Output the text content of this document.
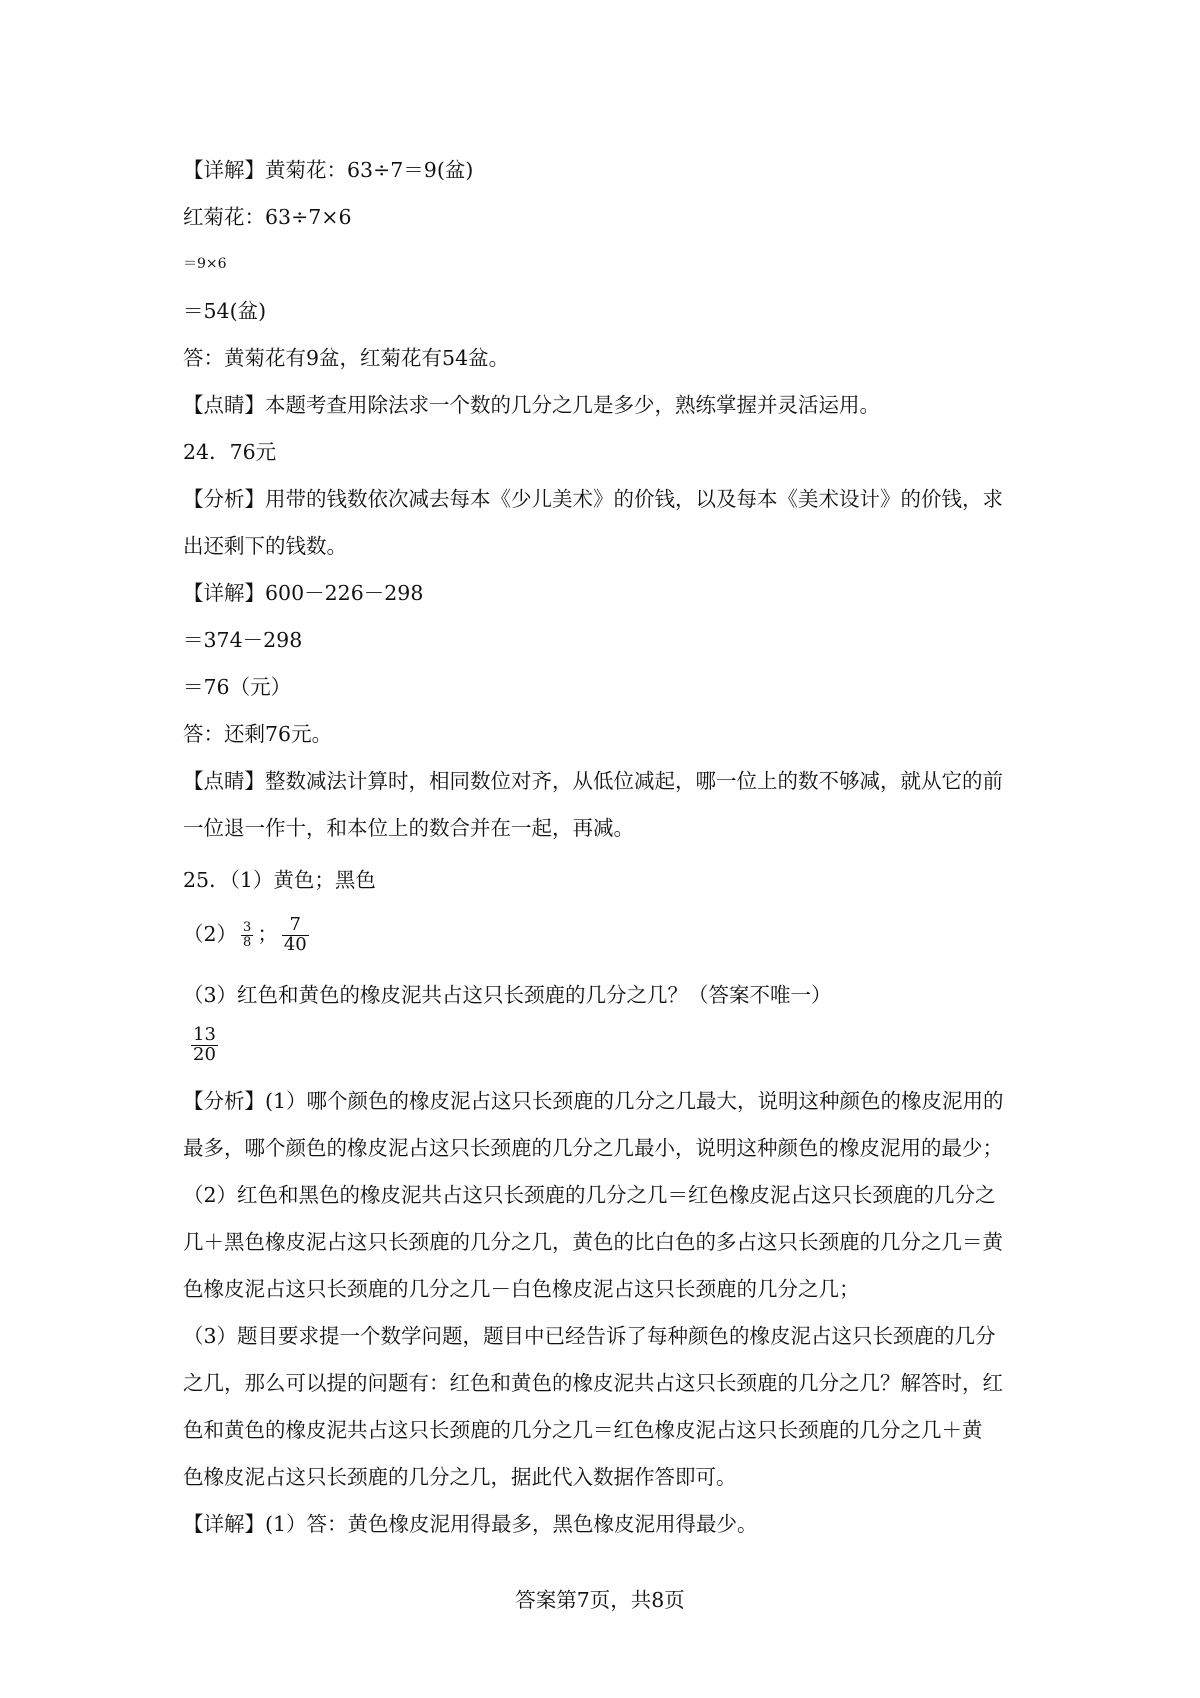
【详解】黄菊花：63÷7＝9(盆)
红菊花：63÷7×6
＝9×6
＝54(盆)
答：黄菊花有9盆，红菊花有54盆。
【点睛】本题考查用除法求一个数的几分之几是多少，熟练掌握并灵活运用。
24．76元
【分析】用带的钱数依次减去每本《少儿美术》的价钱，以及每本《美术设计》的价钱，求
出还剩下的钱数。
【详解】600－226－298
＝374－298
＝76（元）
答：还剩76元。
【点睛】整数减法计算时，相同数位对齐，从低位减起，哪一位上的数不够减，就从它的前
一位退一作十，和本位上的数合并在一起，再减。
25．（1）黄色；黑色
$(2) \frac{3}{8}$ ； $\frac{7}{40}$
（3）红色和黄色的橡皮泥共占这只长颈鹿的几分之几？（答案不唯一）
$\frac{13}{20}$
【分析】(1）哪个颜色的橡皮泥占这只长颈鹿的几分之几最大，说明这种颜色的橡皮泥用的
最多，哪个颜色的橡皮泥占这只长颈鹿的几分之几最小，说明这种颜色的橡皮泥用的最少；
（2）红色和黑色的橡皮泥共占这只长颈鹿的几分之几＝红色橡皮泥占这只长颈鹿的几分之
几＋黑色橡皮泥占这只长颈鹿的几分之几，黄色的比白色的多占这只长颈鹿的几分之几＝黄
色橡皮泥占这只长颈鹿的几分之几－白色橡皮泥占这只长颈鹿的几分之几；
（3）题目要求提一个数学问题，题目中已经告诉了每种颜色的橡皮泥占这只长颈鹿的几分
之几，那么可以提的问题有：红色和黄色的橡皮泥共占这只长颈鹿的几分之几？解答时，红
色和黄色的橡皮泥共占这只长颈鹿的几分之几＝红色橡皮泥占这只长颈鹿的几分之几＋黄
色橡皮泥占这只长颈鹿的几分之几，据此代入数据作答即可。
【详解】(1）答：黄色橡皮泥用得最多，黑色橡皮泥用得最少。
答案第7页，共8页
